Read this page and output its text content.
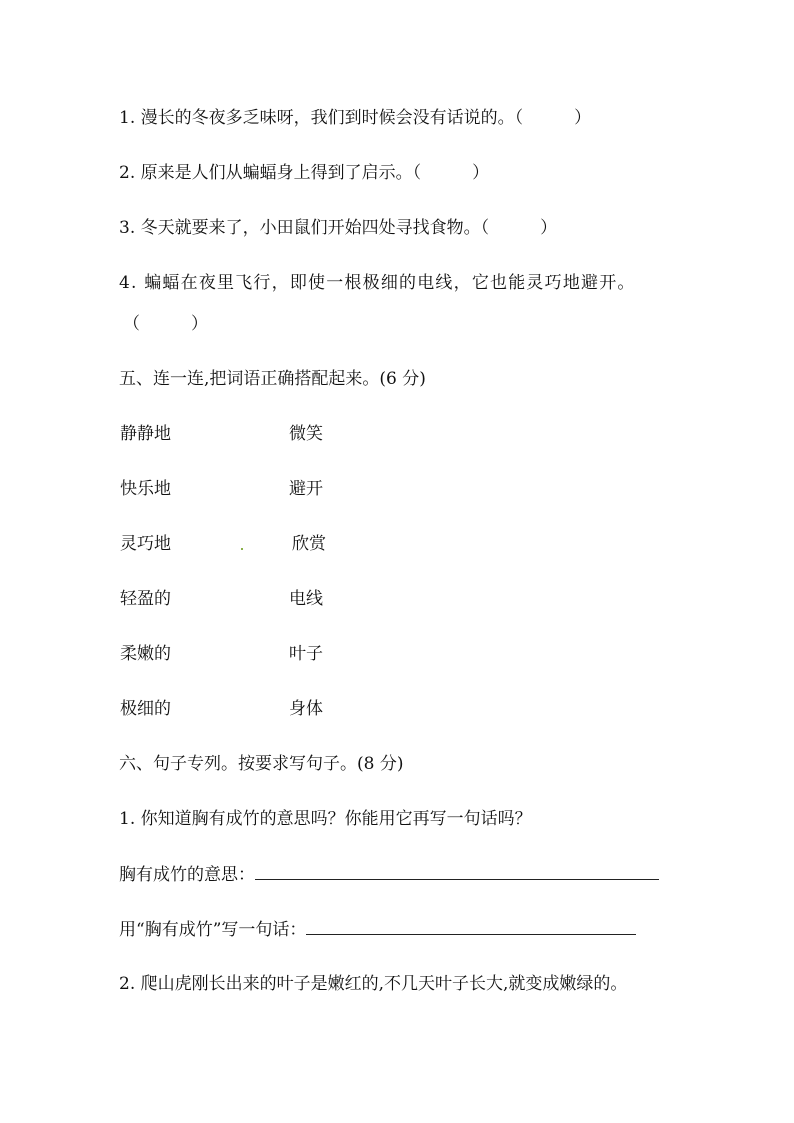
1. 漫长的冬夜多乏味呀，我们到时候会没有话说的。（　　　）
2. 原来是人们从蝙蝠身上得到了启示。（　　　）
3. 冬天就要来了，小田鼠们开始四处寻找食物。（　　　）
4. 蝙蝠在夜里飞行，即使一根极细的电线，它也能灵巧地避开。
（　　　）
五、连一连,把词语正确搭配起来。(6 分)
静静地	微笑
快乐地	避开
灵巧地	欣赏
轻盈的	电线
柔嫩的	叶子
极细的	身体
六、句子专列。按要求写句子。(8 分)
1. 你知道胸有成竹的意思吗？你能用它再写一句话吗？
胸有成竹的意思：
用“胸有成竹”写一句话：
2. 爬山虎刚长出来的叶子是嫩红的,不几天叶子长大,就变成嫩绿的。
